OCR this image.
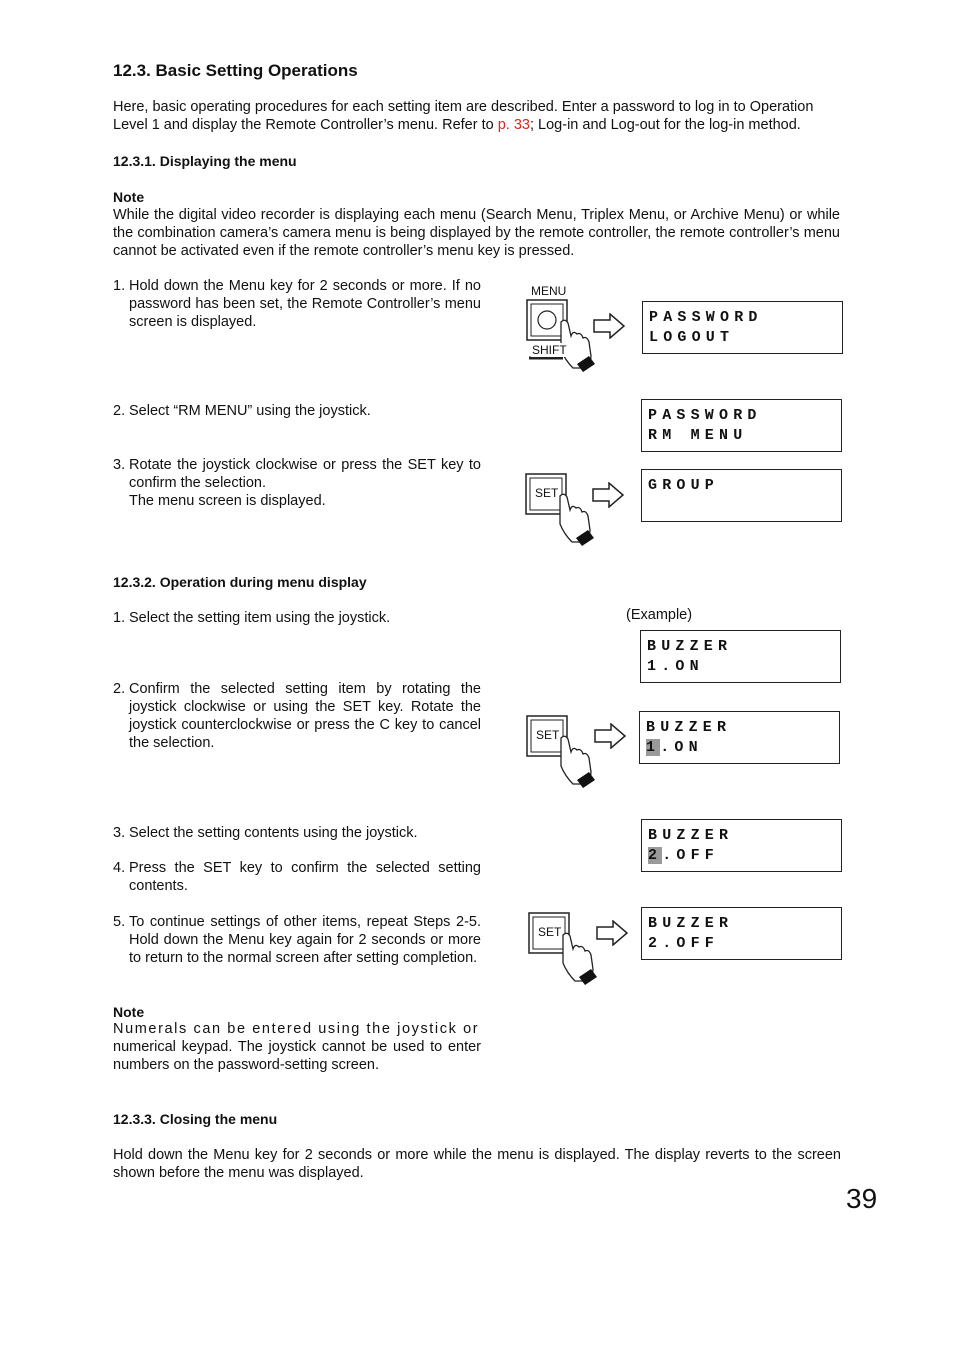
12.3. Basic Setting Operations
Here, basic operating procedures for each setting item are described. Enter a password to log in to Operation
Level 1 and display the Remote Controller’s menu. Refer to p. 33; Log-in and Log-out for the log-in method.
12.3.1. Displaying the menu
Note
While the digital video recorder is displaying each menu (Search Menu, Triplex Menu, or Archive Menu) or while the combination camera’s camera menu is being displayed by the remote controller, the remote controller’s menu cannot be activated even if the remote controller’s menu key is pressed.
1. Hold down the Menu key for 2 seconds or more. If no password has been set, the Remote Controller’s menu screen is displayed.
2. Select “RM MENU” using the joystick.
3. Rotate the joystick clockwise or press the SET key to confirm the selection.
The menu screen is displayed.
12.3.2. Operation during menu display
1. Select the setting item using the joystick.
2. Confirm the selected setting item by rotating the joystick clockwise or using the SET key. Rotate the joystick counterclockwise or press the C key to cancel the selection.
3. Select the setting contents using the joystick.
4. Press the SET key to confirm the selected setting contents.
5. To continue settings of other items, repeat Steps 2-5. Hold down the Menu key again for 2 seconds or more to return to the normal screen after setting completion.
Note
Numerals can be entered using the joystick or
numerical keypad. The joystick cannot be used to enter numbers on the password-setting screen.
12.3.3. Closing the menu
Hold down the Menu key for 2 seconds or more while the menu is displayed. The display reverts to the screen shown before the menu was displayed.
39
MENU
SHIFT
SET
SET
SET
(Example)
PASSWORD
LOGOUT
PASSWORD
RM MENU
GROUP
BUZZER
1.ON
BUZZER
1.ON
BUZZER
2.OFF
BUZZER
2.OFF
